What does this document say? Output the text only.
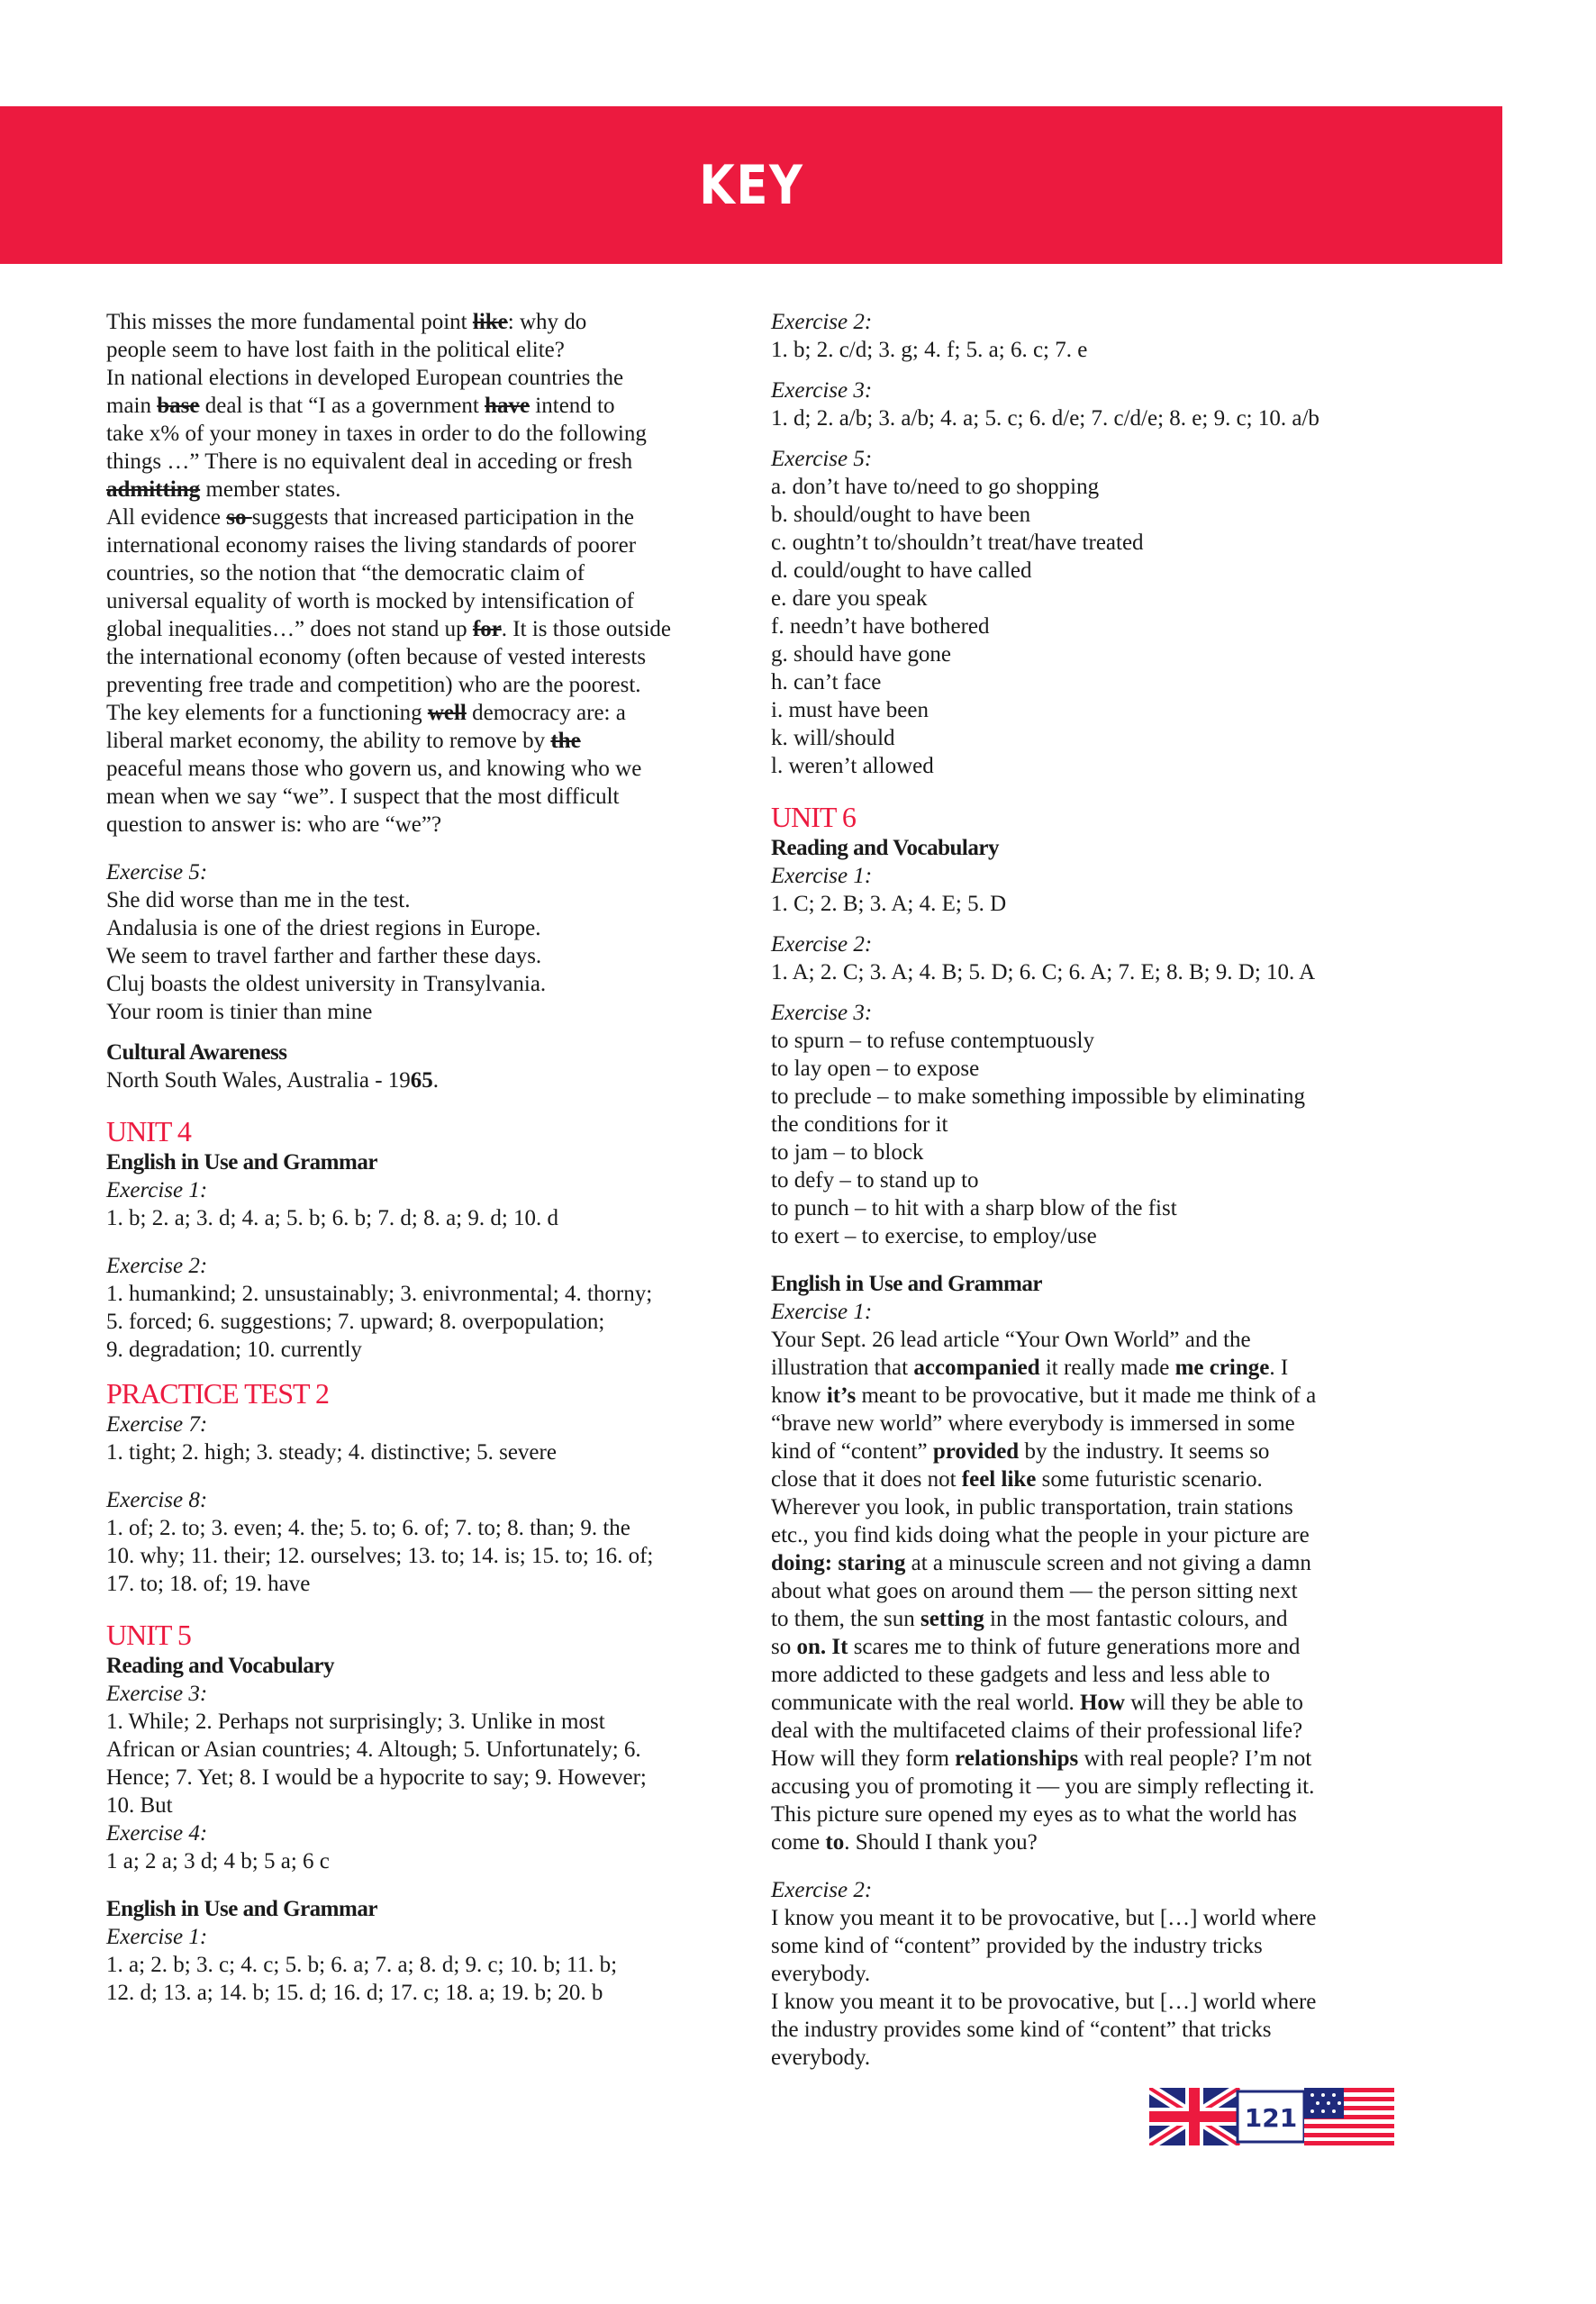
KEY
This misses the more fundamental point like: why do
people seem to have lost faith in the political elite?
In national elections in developed European countries the
main base deal is that “I as a government have intend to
take x% of your money in taxes in order to do the following
things …” There is no equivalent deal in acceding or fresh
admitting member states.
All evidence so suggests that increased participation in the
international economy raises the living standards of poorer
countries, so the notion that “the democratic claim of
universal equality of worth is mocked by intensification of
global inequalities…” does not stand up for. It is those outside
the international economy (often because of vested interests
preventing free trade and competition) who are the poorest.
The key elements for a functioning well democracy are: a
liberal market economy, the ability to remove by the
peaceful means those who govern us, and knowing who we
mean when we say “we”. I suspect that the most difficult
question to answer is: who are “we”?

Exercise 5:

She did worse than me in the test.
Andalusia is one of the driest regions in Europe.
We seem to travel farther and farther these days.
Cluj boasts the oldest university in Transylvania.
Your room is tinier than mine

Cultural Awareness

North South Wales, Australia - 1965.

UNIT 4

English in Use and Grammar

Exercise 1:

1. b; 2. a; 3. d; 4. a; 5. b; 6. b; 7. d; 8. a; 9. d; 10. d

Exercise 2:

1. humankind; 2. unsustainably; 3. enivronmental; 4. thorny;
5. forced; 6. suggestions; 7. upward; 8. overpopulation;
9. degradation; 10. currently

PRACTICE TEST 2

Exercise 7:

1. tight; 2. high; 3. steady; 4. distinctive; 5. severe

Exercise 8:

1. of; 2. to; 3. even; 4. the; 5. to; 6. of; 7. to; 8. than; 9. the
10. why; 11. their; 12. ourselves; 13. to; 14. is; 15. to; 16. of;
17. to; 18. of; 19. have

UNIT 5

Reading and Vocabulary

Exercise 3:

1. While; 2. Perhaps not surprisingly; 3. Unlike in most
African or Asian countries; 4. Altough; 5. Unfortunately; 6.
Hence; 7. Yet; 8. I would be a hypocrite to say; 9. However;
10. But

Exercise 4:

1 a; 2 a; 3 d; 4 b; 5 a; 6 c

English in Use and Grammar

Exercise 1:

1. a; 2. b; 3. c; 4. c; 5. b; 6. a; 7. a; 8. d; 9. c; 10. b; 11. b;
12. d; 13. a; 14. b; 15. d; 16. d; 17. c; 18. a; 19. b; 20. b

Exercise 2:

1. b; 2. c/d; 3. g; 4. f; 5. a; 6. c; 7. e

Exercise 3:

1. d; 2. a/b; 3. a/b; 4. a; 5. c; 6. d/e; 7. c/d/e; 8. e; 9. c; 10. a/b

Exercise 5:

a. don’t have to/need to go shopping
b. should/ought to have been
c. oughtn’t to/shouldn’t treat/have treated
d. could/ought to have called
e. dare you speak
f. needn’t have bothered
g. should have gone
h. can’t face
i. must have been
k. will/should
l. weren’t allowed

UNIT 6

Reading and Vocabulary

Exercise 1:

1. C; 2. B; 3. A; 4. E; 5. D

Exercise 2:

1. A; 2. C; 3. A; 4. B; 5. D; 6. C; 6. A; 7. E; 8. B; 9. D; 10. A

Exercise 3:

to spurn – to refuse contemptuously
to lay open – to expose
to preclude – to make something impossible by eliminating
the conditions for it
to jam – to block
to defy – to stand up to
to punch – to hit with a sharp blow of the fist
to exert – to exercise, to employ/use

English in Use and Grammar

Exercise 1:

Your Sept. 26 lead article “Your Own World” and the
illustration that accompanied it really made me cringe. I
know it’s meant to be provocative, but it made me think of a
“brave new world” where everybody is immersed in some
kind of “content” provided by the industry. It seems so
close that it does not feel like some futuristic scenario.
Wherever you look, in public transportation, train stations
etc., you find kids doing what the people in your picture are
doing: staring at a minuscule screen and not giving a damn
about what goes on around them — the person sitting next
to them, the sun setting in the most fantastic colours, and
so on. It scares me to think of future generations more and
more addicted to these gadgets and less and less able to
communicate with the real world. How will they be able to
deal with the multifaceted claims of their professional life?
How will they form relationships with real people? I’m not
accusing you of promoting it — you are simply reflecting it.
This picture sure opened my eyes as to what the world has
come to. Should I thank you?

Exercise 2:

I know you meant it to be provocative, but […] world where
some kind of “content” provided by the industry tricks
everybody.
I know you meant it to be provocative, but […] world where
the industry provides some kind of “content” that tricks
everybody.
121
